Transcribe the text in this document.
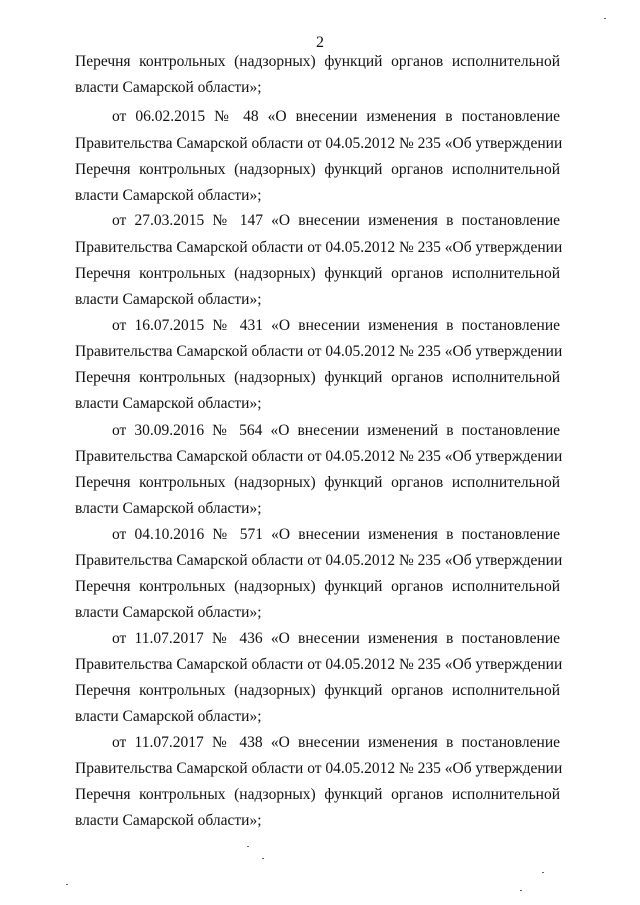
2
Перечня контрольных (надзорных) функций органов исполнительной
власти Самарской области»;
от 06.02.2015 № 48 «О внесении изменения в постановление
Правительства Самарской области от 04.05.2012 № 235 «Об утверждении
Перечня контрольных (надзорных) функций органов исполнительной
власти Самарской области»;
от 27.03.2015 № 147 «О внесении изменения в постановление
Правительства Самарской области от 04.05.2012 № 235 «Об утверждении
Перечня контрольных (надзорных) функций органов исполнительной
власти Самарской области»;
от 16.07.2015 № 431 «О внесении изменения в постановление
Правительства Самарской области от 04.05.2012 № 235 «Об утверждении
Перечня контрольных (надзорных) функций органов исполнительной
власти Самарской области»;
от 30.09.2016 № 564 «О внесении изменений в постановление
Правительства Самарской области от 04.05.2012 № 235 «Об утверждении
Перечня контрольных (надзорных) функций органов исполнительной
власти Самарской области»;
от 04.10.2016 № 571 «О внесении изменения в постановление
Правительства Самарской области от 04.05.2012 № 235 «Об утверждении
Перечня контрольных (надзорных) функций органов исполнительной
власти Самарской области»;
от 11.07.2017 № 436 «О внесении изменения в постановление
Правительства Самарской области от 04.05.2012 № 235 «Об утверждении
Перечня контрольных (надзорных) функций органов исполнительной
власти Самарской области»;
от 11.07.2017 № 438 «О внесении изменения в постановление
Правительства Самарской области от 04.05.2012 № 235 «Об утверждении
Перечня контрольных (надзорных) функций органов исполнительной
власти Самарской области»;
